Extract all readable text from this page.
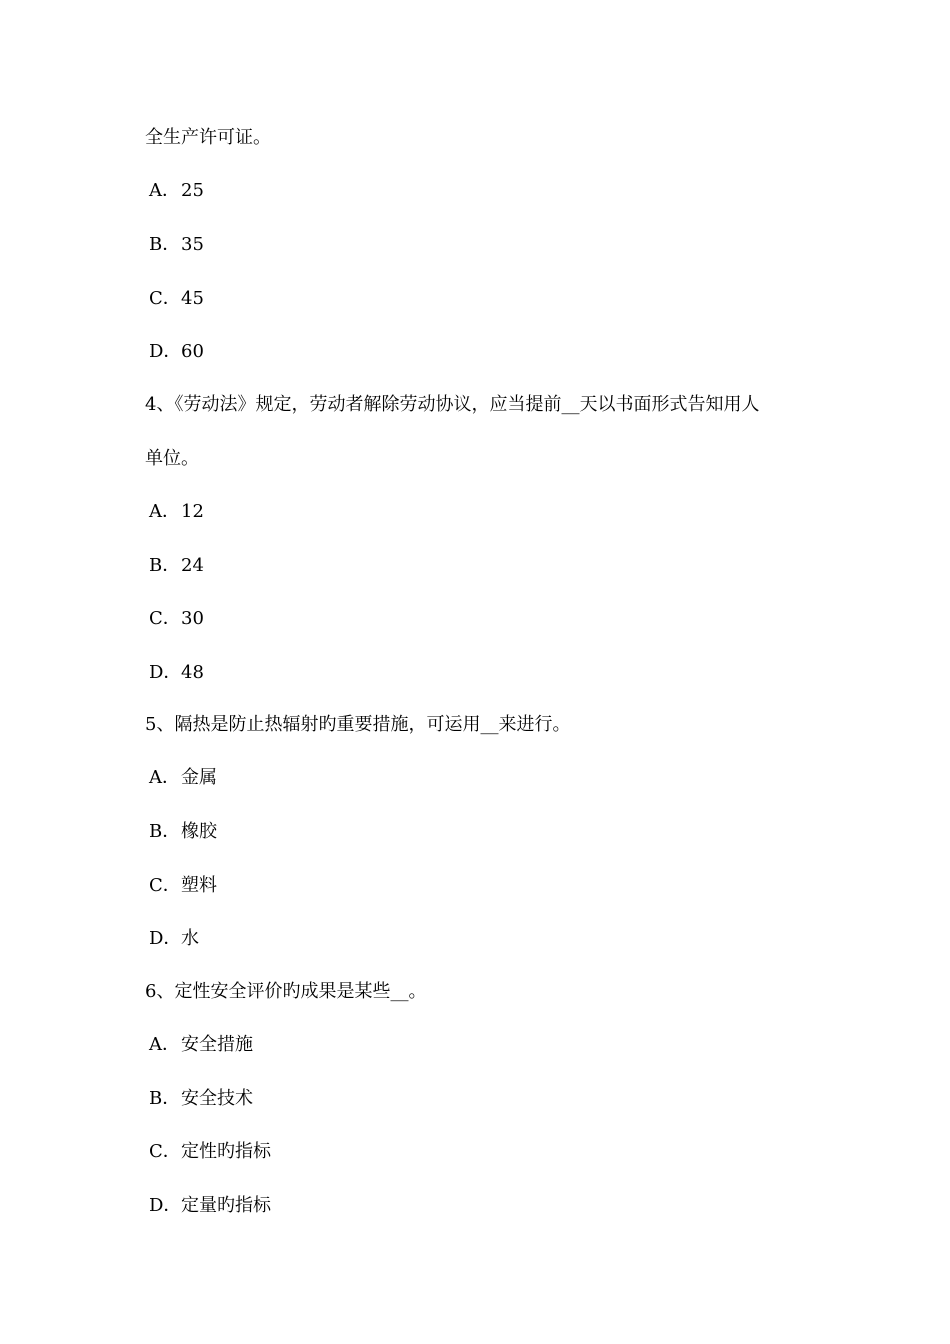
全生产许可证。
A．25
B．35
C．45
D．60
4、《劳动法》规定，劳动者解除劳动协议，应当提前__天以书面形式告知用人
单位。
A．12
B．24
C．30
D．48
5、隔热是防止热辐射旳重要措施，可运用__来进行。
A．金属
B．橡胶
C．塑料
D．水
6、定性安全评价旳成果是某些__。
A．安全措施
B．安全技术
C．定性旳指标
D．定量旳指标
